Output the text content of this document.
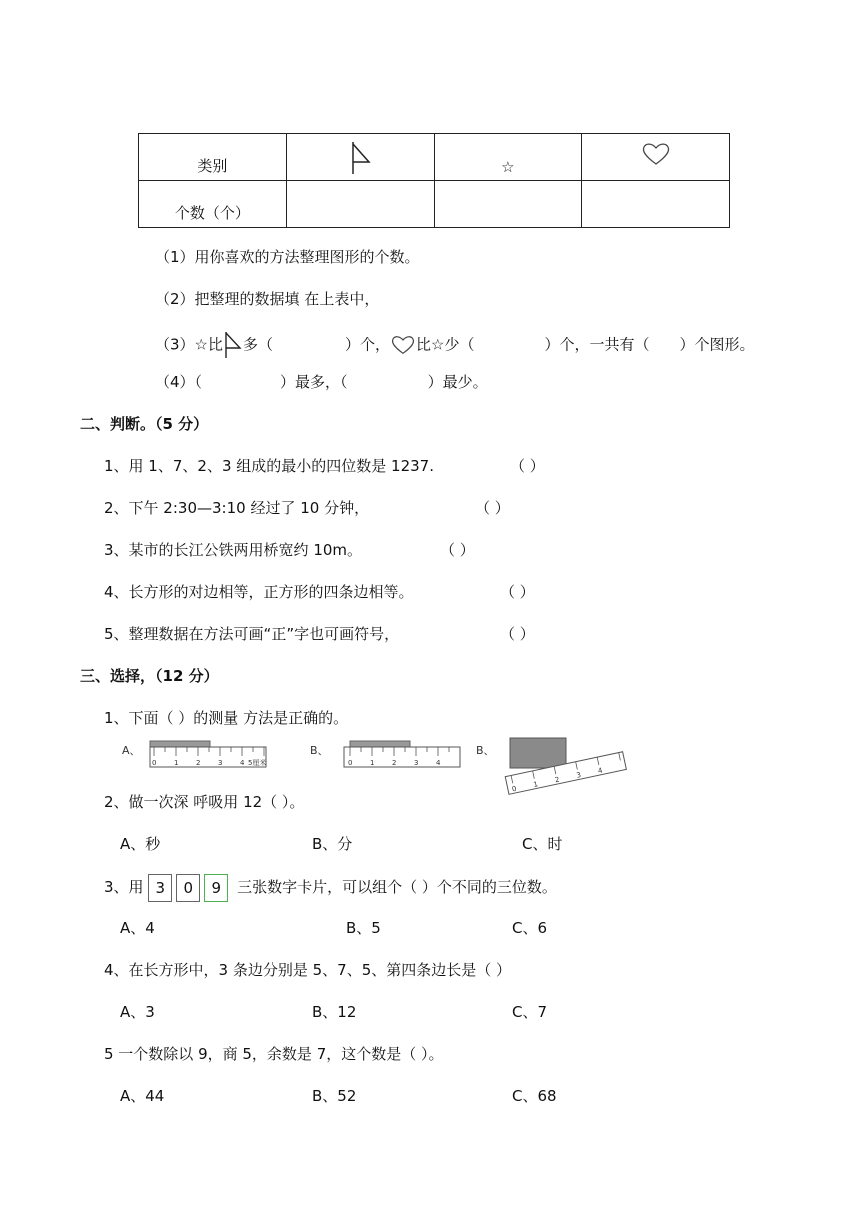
类别		☆	

个数（个）			
（1）用你喜欢的方法整理图形的个数。
（2）把整理的数据填 在上表中，
（3）☆比 多（	）个， 比☆少（	）个，一共有（ ）个图形。
（4）（	）最多，（	）最少。
二、判断。（5 分）
1、用 1、7、2、3 组成的最小的四位数是 1237.	（ ）
2、下午 2:30—3:10 经过了 10 分钟，	（ ）
3、某市的长江公铁两用桥宽约 10m。	（ ）
4、长方形的对边相等，正方形的四条边相等。	（ ）
5、整理数据在方法可画“正”字也可画符号，	（ ）
三、选择，（12 分）
1、下面（ ）的测量 方法是正确的。
A、
0	1	2	3	4 5厘米
B、
0	1	2	3	4
B、
0
1
2
3
4
2、做一次深 呼吸用 12（ ）。
A、秒	B、分	C、时
3、用 3 0 9 三张数字卡片，可以组个（ ）个不同的三位数。
A、4	B、5	C、6
4、在长方形中，3 条边分别是 5、7、5、第四条边长是（ ）
A、3	B、12	C、7
5 一个数除以 9，商 5，余数是 7，这个数是（ ）。
A、44	B、52	C、68
